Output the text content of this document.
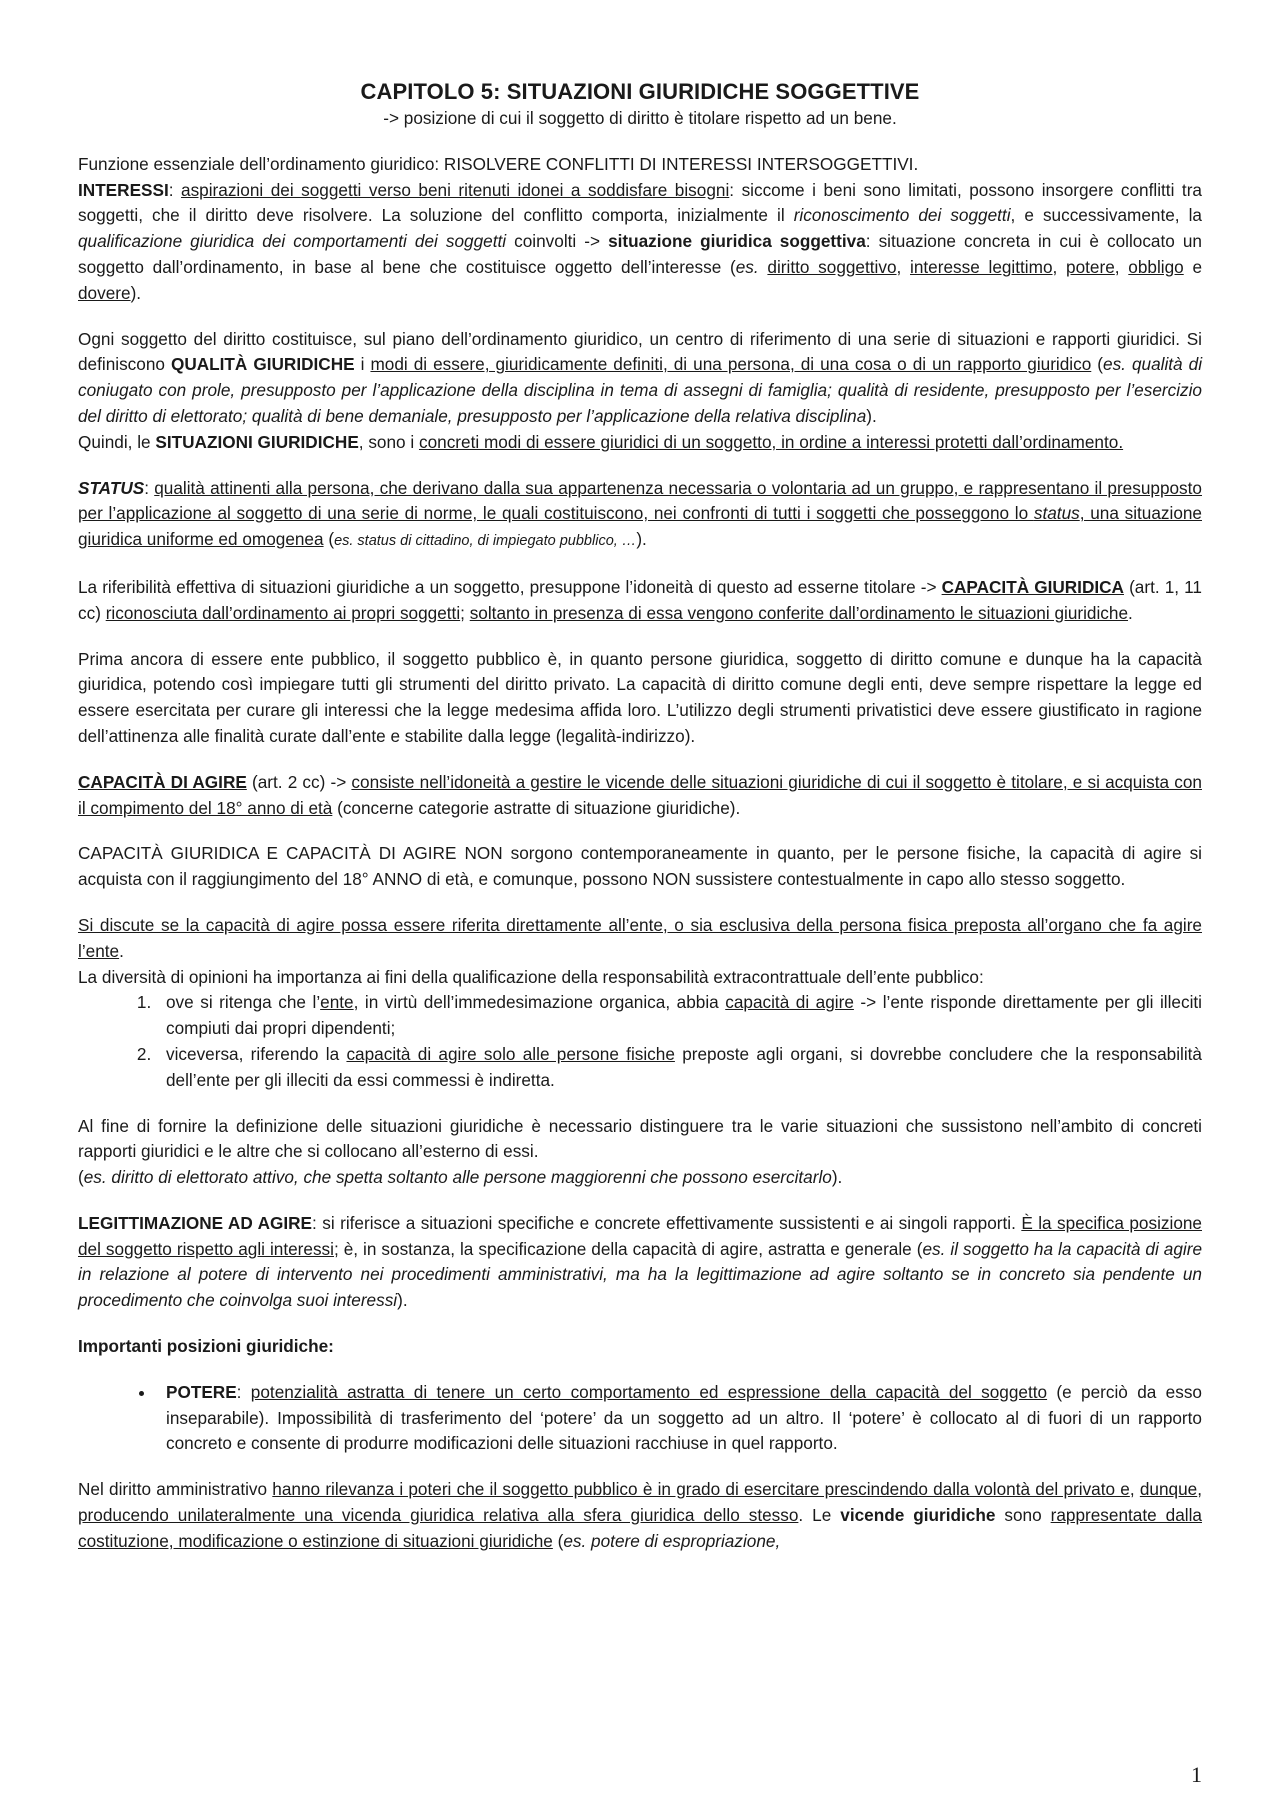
CAPITOLO 5: SITUAZIONI GIURIDICHE SOGGETTIVE
-> posizione di cui il soggetto di diritto è titolare rispetto ad un bene.

Funzione essenziale dell’ordinamento giuridico: RISOLVERE CONFLITTI DI INTERESSI INTERSOGGETTIVI.

INTERESSI: aspirazioni dei soggetti verso beni ritenuti idonei a soddisfare bisogni: siccome i beni sono limitati, possono insorgere conflitti tra soggetti, che il diritto deve risolvere. La soluzione del conflitto comporta, inizialmente il riconoscimento dei soggetti, e successivamente, la qualificazione giuridica dei comportamenti dei soggetti coinvolti -> situazione giuridica soggettiva: situazione concreta in cui è collocato un soggetto dall’ordinamento, in base al bene che costituisce oggetto dell’interesse (es. diritto soggettivo, interesse legittimo, potere, obbligo e dovere).

Ogni soggetto del diritto costituisce, sul piano dell’ordinamento giuridico, un centro di riferimento di una serie di situazioni e rapporti giuridici. Si definiscono QUALITÀ GIURIDICHE i modi di essere, giuridicamente definiti, di una persona, di una cosa o di un rapporto giuridico (es. qualità di coniugato con prole, presupposto per l’applicazione della disciplina in tema di assegni di famiglia; qualità di residente, presupposto per l’esercizio del diritto di elettorato; qualità di bene demaniale, presupposto per l’applicazione della relativa disciplina).

Quindi, le SITUAZIONI GIURIDICHE, sono i concreti modi di essere giuridici di un soggetto, in ordine a interessi protetti dall’ordinamento.

STATUS: qualità attinenti alla persona, che derivano dalla sua appartenenza necessaria o volontaria ad un gruppo, e rappresentano il presupposto per l’applicazione al soggetto di una serie di norme, le quali costituiscono, nei confronti di tutti i soggetti che posseggono lo status, una situazione giuridica uniforme ed omogenea (es. status di cittadino, di impiegato pubblico, …).

La riferibilità effettiva di situazioni giuridiche a un soggetto, presuppone l’idoneità di questo ad esserne titolare -> CAPACITÀ GIURIDICA (art. 1, 11 cc) riconosciuta dall’ordinamento ai propri soggetti; soltanto in presenza di essa vengono conferite dall’ordinamento le situazioni giuridiche.

Prima ancora di essere ente pubblico, il soggetto pubblico è, in quanto persone giuridica, soggetto di diritto comune e dunque ha la capacità giuridica, potendo così impiegare tutti gli strumenti del diritto privato. La capacità di diritto comune degli enti, deve sempre rispettare la legge ed essere esercitata per curare gli interessi che la legge medesima affida loro. L’utilizzo degli strumenti privatistici deve essere giustificato in ragione dell’attinenza alle finalità curate dall’ente e stabilite dalla legge (legalità-indirizzo).

CAPACITÀ DI AGIRE (art. 2 cc) -> consiste nell’idoneità a gestire le vicende delle situazioni giuridiche di cui il soggetto è titolare, e si acquista con il compimento del 18° anno di età (concerne categorie astratte di situazione giuridiche).

CAPACITÀ GIURIDICA E CAPACITÀ DI AGIRE NON sorgono contemporaneamente in quanto, per le persone fisiche, la capacità di agire si acquista con il raggiungimento del 18° ANNO di età, e comunque, possono NON sussistere contestualmente in capo allo stesso soggetto.

Si discute se la capacità di agire possa essere riferita direttamente all’ente, o sia esclusiva della persona fisica preposta all’organo che fa agire l’ente.

La diversità di opinioni ha importanza ai fini della qualificazione della responsabilità extracontrattuale dell’ente pubblico:

1. ove si ritenga che l’ente, in virtù dell’immedesimazione organica, abbia capacità di agire -> l’ente risponde direttamente per gli illeciti compiuti dai propri dipendenti;
2. viceversa, riferendo la capacità di agire solo alle persone fisiche preposte agli organi, si dovrebbe concludere che la responsabilità dell’ente per gli illeciti da essi commessi è indiretta.

Al fine di fornire la definizione delle situazioni giuridiche è necessario distinguere tra le varie situazioni che sussistono nell’ambito di concreti rapporti giuridici e le altre che si collocano all’esterno di essi.

(es. diritto di elettorato attivo, che spetta soltanto alle persone maggiorenni che possono esercitarlo).

LEGITTIMAZIONE AD AGIRE: si riferisce a situazioni specifiche e concrete effettivamente sussistenti e ai singoli rapporti. È la specifica posizione del soggetto rispetto agli interessi; è, in sostanza, la specificazione della capacità di agire, astratta e generale (es. il soggetto ha la capacità di agire in relazione al potere di intervento nei procedimenti amministrativi, ma ha la legittimazione ad agire soltanto se in concreto sia pendente un procedimento che coinvolga suoi interessi).

Importanti posizioni giuridiche:

• POTERE: potenzialità astratta di tenere un certo comportamento ed espressione della capacità del soggetto (e perciò da esso inseparabile). Impossibilità di trasferimento del ‘potere’ da un soggetto ad un altro. Il ‘potere’ è collocato al di fuori di un rapporto concreto e consente di produrre modificazioni delle situazioni racchiuse in quel rapporto.

Nel diritto amministrativo hanno rilevanza i poteri che il soggetto pubblico è in grado di esercitare prescindendo dalla volontà del privato e, dunque, producendo unilateralmente una vicenda giuridica relativa alla sfera giuridica dello stesso. Le vicende giuridiche sono rappresentate dalla costituzione, modificazione o estinzione di situazioni giuridiche (es. potere di espropriazione,

1
